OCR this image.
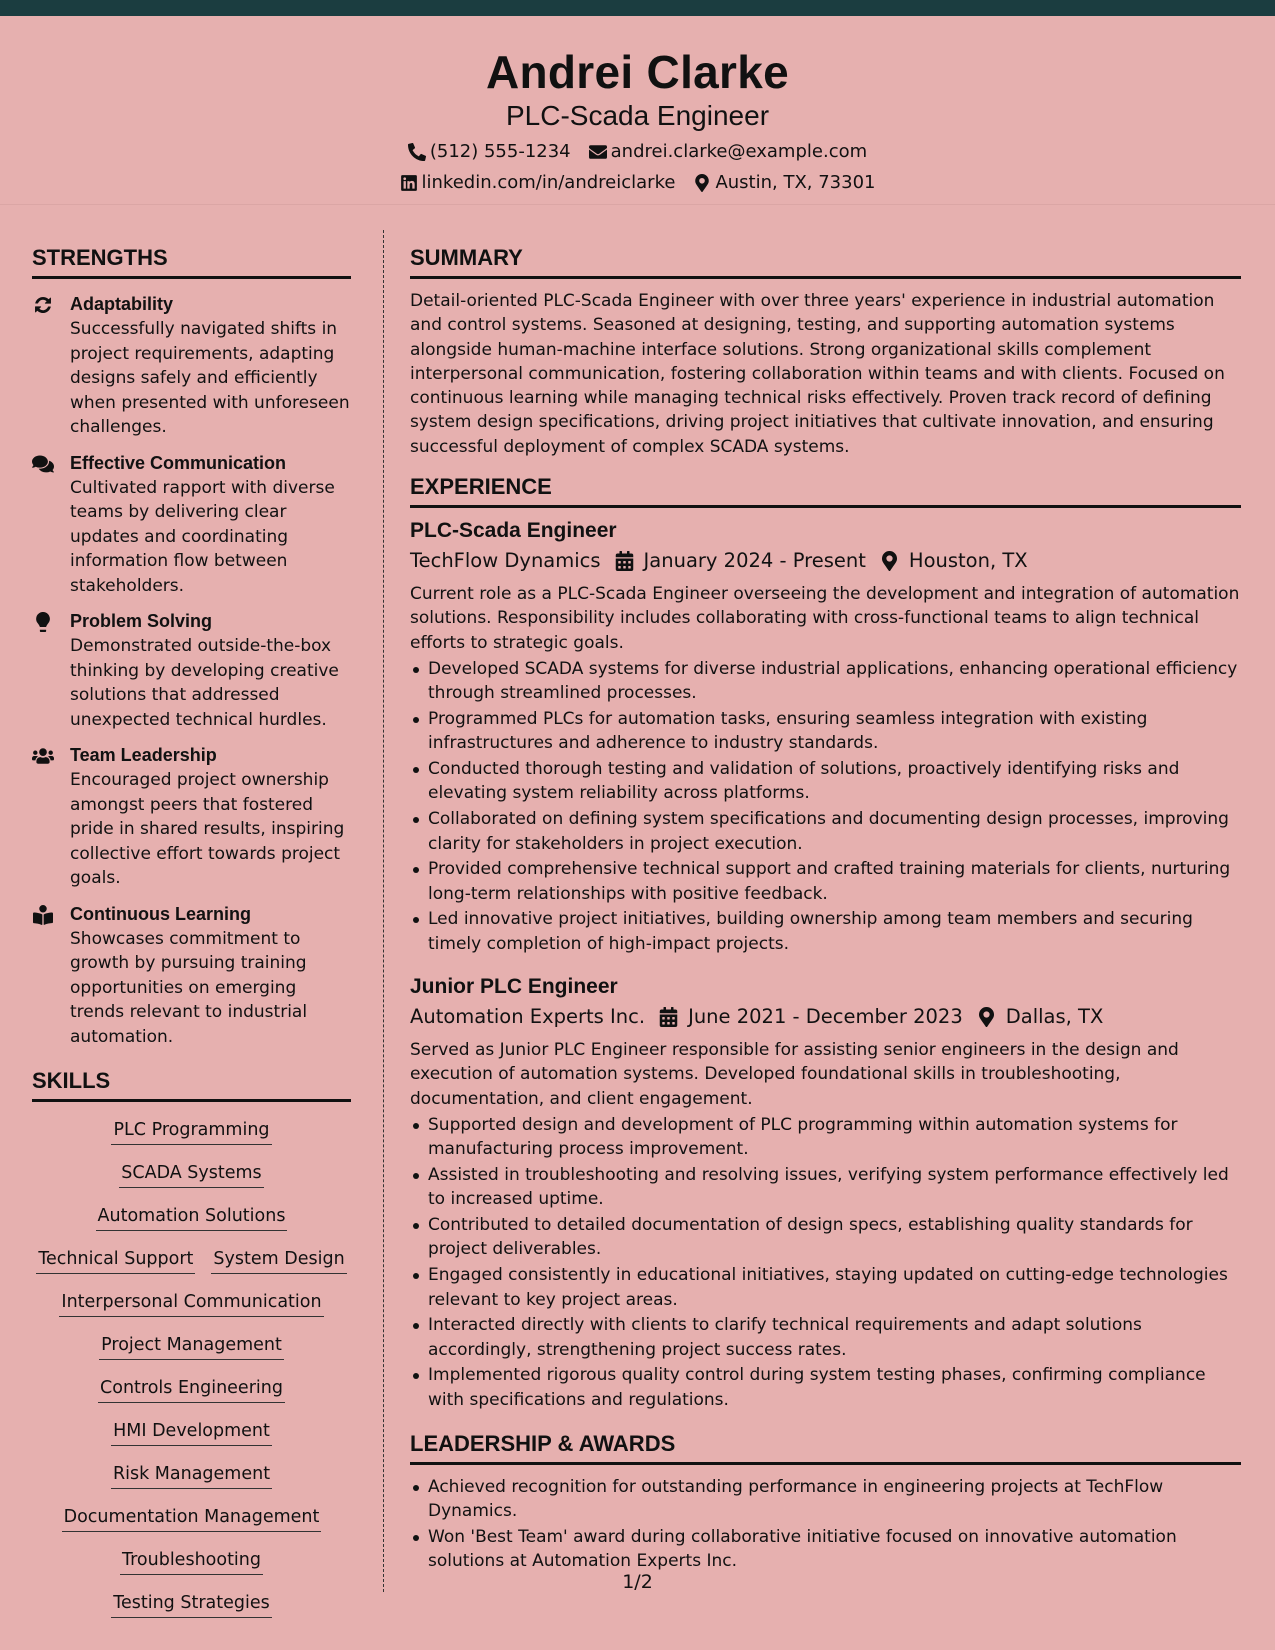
Andrei Clarke
PLC-Scada Engineer
(512) 555-1234 andrei.clarke@example.com
linkedin.com/in/andreiclarke Austin, TX, 73301
STRENGTHS
Adaptability
Successfully navigated shifts in project requirements, adapting designs safely and efficiently when presented with unforeseen challenges.
Effective Communication
Cultivated rapport with diverse teams by delivering clear updates and coordinating information flow between stakeholders.
Problem Solving
Demonstrated outside-the-box thinking by developing creative solutions that addressed unexpected technical hurdles.
Team Leadership
Encouraged project ownership amongst peers that fostered pride in shared results, inspiring collective effort towards project goals.
Continuous Learning
Showcases commitment to growth by pursuing training opportunities on emerging trends relevant to industrial automation.
SKILLS
PLC Programming
SCADA Systems
Automation Solutions
Technical Support System Design
Interpersonal Communication
Project Management
Controls Engineering
HMI Development
Risk Management
Documentation Management
Troubleshooting
Testing Strategies
SUMMARY

Detail-oriented PLC-Scada Engineer with over three years' experience in industrial automation and control systems. Seasoned at designing, testing, and supporting automation systems alongside human-machine interface solutions. Strong organizational skills complement interpersonal communication, fostering collaboration within teams and with clients. Focused on continuous learning while managing technical risks effectively. Proven track record of defining system design specifications, driving project initiatives that cultivate innovation, and ensuring successful deployment of complex SCADA systems.

EXPERIENCE
PLC-Scada Engineer
TechFlow Dynamics January 2024 - Present Houston, TX

Current role as a PLC-Scada Engineer overseeing the development and integration of automation solutions. Responsibility includes collaborating with cross-functional teams to align technical efforts to strategic goals.

Developed SCADA systems for diverse industrial applications, enhancing operational efficiency through streamlined processes.
Programmed PLCs for automation tasks, ensuring seamless integration with existing infrastructures and adherence to industry standards.
Conducted thorough testing and validation of solutions, proactively identifying risks and elevating system reliability across platforms.
Collaborated on defining system specifications and documenting design processes, improving clarity for stakeholders in project execution.
Provided comprehensive technical support and crafted training materials for clients, nurturing long-term relationships with positive feedback.
Led innovative project initiatives, building ownership among team members and securing timely completion of high-impact projects.
Junior PLC Engineer
Automation Experts Inc. June 2021 - December 2023 Dallas, TX

Served as Junior PLC Engineer responsible for assisting senior engineers in the design and execution of automation systems. Developed foundational skills in troubleshooting, documentation, and client engagement.

Supported design and development of PLC programming within automation systems for manufacturing process improvement.
Assisted in troubleshooting and resolving issues, verifying system performance effectively led to increased uptime.
Contributed to detailed documentation of design specs, establishing quality standards for project deliverables.
Engaged consistently in educational initiatives, staying updated on cutting-edge technologies relevant to key project areas.
Interacted directly with clients to clarify technical requirements and adapt solutions accordingly, strengthening project success rates.
Implemented rigorous quality control during system testing phases, confirming compliance with specifications and regulations.
LEADERSHIP & AWARDS
Achieved recognition for outstanding performance in engineering projects at TechFlow Dynamics.
Won 'Best Team' award during collaborative initiative focused on innovative automation solutions at Automation Experts Inc.
1/2
